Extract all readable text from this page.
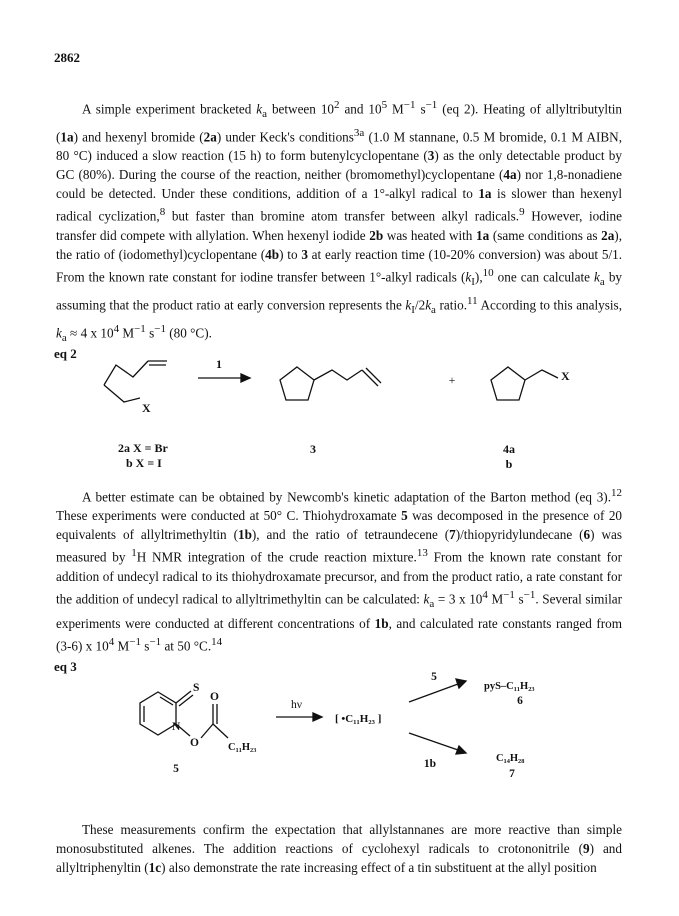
2862

A simple experiment bracketed $k_a$ between $10^2$ and $10^5$ $M^{-1}$ $s^{-1}$ (eq 2). Heating of allyltributyltin (1a) and hexenyl bromide (2a) under Keck's conditions$^{3a}$ (1.0 M stannane, 0.5 M bromide, 0.1 M AIBN, 80 °C) induced a slow reaction (15 h) to form butenylcyclopentane (3) as the only detectable product by GC (80%). During the course of the reaction, neither (bromomethyl)cyclopentane (4a) nor 1,8-nonadiene could be detected. Under these conditions, addition of a 1°-alkyl radical to 1a is slower than hexenyl radical cyclization,$^8$ but faster than bromine atom transfer between alkyl radicals.$^9$ However, iodine transfer did compete with allylation. When hexenyl iodide 2b was heated with 1a (same conditions as 2a), the ratio of (iodomethyl)cyclopentane (4b) to 3 at early reaction time (10-20% conversion) was about 5/1. From the known rate constant for iodine transfer between 1°-alkyl radicals $(k_I),^{10}$ one can calculate $k_a$ by assuming that the product ratio at early conversion represents the $k_I/2k_a$ ratio.$^{11}$ According to this analysis, $k_a \approx 4$ x $10^4$ $M^{-1}$ $s^{-1}$ (80 °C).

eq 2
X
1
+	X
2a X = Br
b X = I
3	4a
b

A better estimate can be obtained by Newcomb's kinetic adaptation of the Barton method (eq 3).$^{12}$ These experiments were conducted at 50° C. Thiohydroxamate 5 was decomposed in the presence of 20 equivalents of allyltrimethyltin (1b), and the ratio of tetraundecene (7)/thiopyridylundecane (6) was measured by $^1$H NMR integration of the crude reaction mixture.$^{13}$ From the known rate constant for addition of undecyl radical to its thiohydroxamate precursor, and from the product ratio, a rate constant for the addition of undecyl radical to allyltrimethyltin can be calculated: $k_a = 3$ x $10^4$ $M^{-1}$ $s^{-1}$. Several similar experiments were conducted at different concentrations of 1b, and calculated rate constants ranged from (3-6) x $10^4$ $M^{-1}$ $s^{-1}$ at 50 °C.$^{14}$

eq 3
S
N
O
O
C₁₁H₂₃
5
hν
[ •C₁₁H₂₃ ]
5
1b
pyS–C₁₁H₂₃
6
C₁₄H₂₈
7

These measurements confirm the expectation that allylstannanes are more reactive than simple monosubstituted alkenes. The addition reactions of cyclohexyl radicals to crotononitrile (9) and allyltriphenyltin (1c) also demonstrate the rate increasing effect of a tin substituent at the allyl position
